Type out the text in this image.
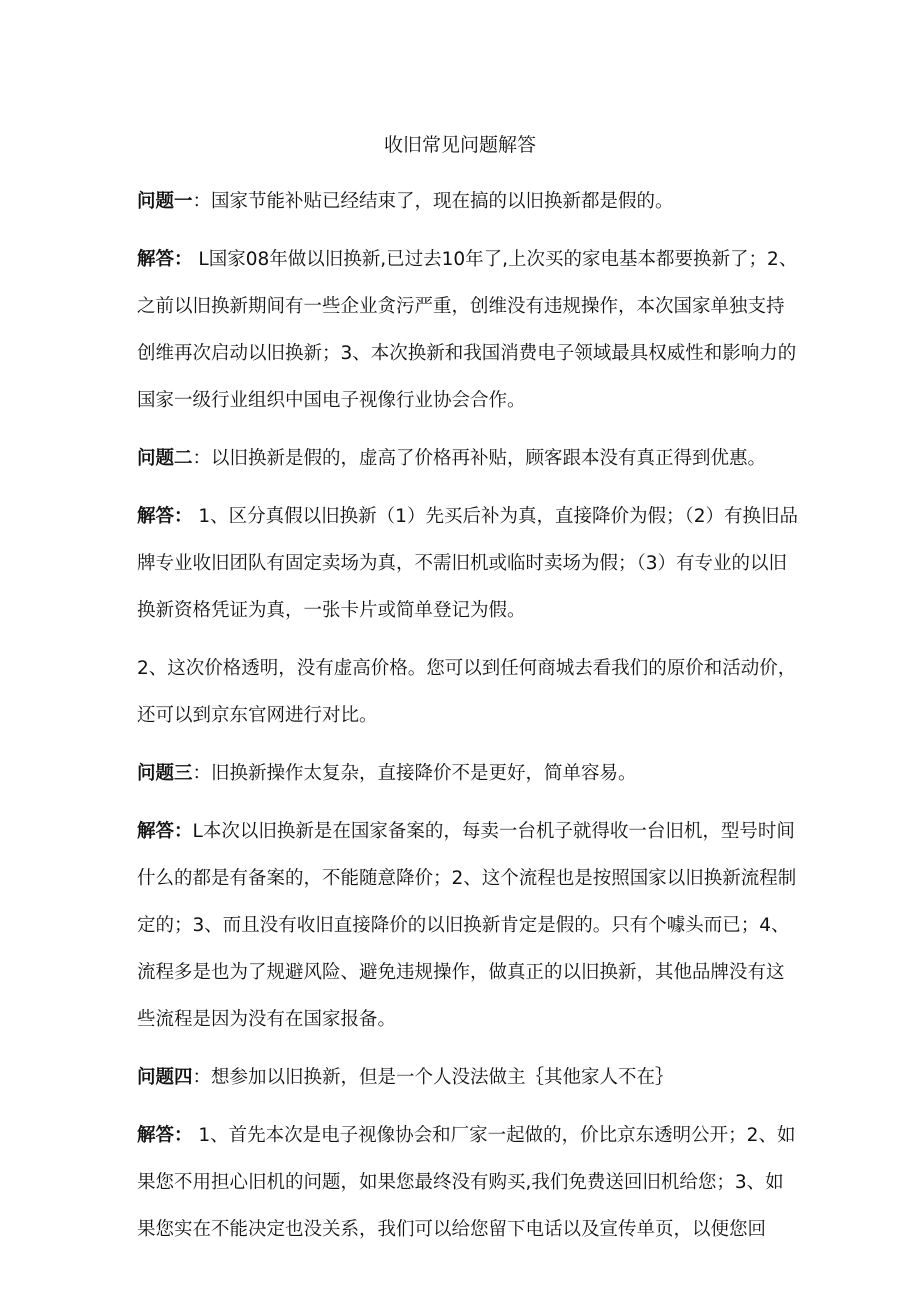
收旧常见问题解答

问题一：国家节能补贴已经结束了，现在搞的以旧换新都是假的。

解答： L国家08年做以旧换新,已过去10年了,上次买的家电基本都要换新了；2、之前以旧换新期间有一些企业贪污严重，创维没有违规操作，本次国家单独支持创维再次启动以旧换新；3、本次换新和我国消费电子领域最具权威性和影响力的国家一级行业组织中国电子视像行业协会合作。

问题二：以旧换新是假的，虚高了价格再补贴，顾客跟本没有真正得到优惠。

解答： 1、区分真假以旧换新（1）先买后补为真，直接降价为假；（2）有换旧品牌专业收旧团队有固定卖场为真，不需旧机或临时卖场为假；（3）有专业的以旧换新资格凭证为真，一张卡片或简单登记为假。

2、这次价格透明，没有虚高价格。您可以到任何商城去看我们的原价和活动价，还可以到京东官网进行对比。

问题三：旧换新操作太复杂，直接降价不是更好，简单容易。

解答：L本次以旧换新是在国家备案的，每卖一台机子就得收一台旧机，型号时间什么的都是有备案的，不能随意降价；2、这个流程也是按照国家以旧换新流程制定的；3、而且没有收旧直接降价的以旧换新肯定是假的。只有个噱头而已；4、流程多是也为了规避风险、避免违规操作，做真正的以旧换新，其他品牌没有这些流程是因为没有在国家报备。

问题四：想参加以旧换新，但是一个人没法做主｛其他家人不在｝

解答： 1、首先本次是电子视像协会和厂家一起做的，价比京东透明公开；2、如果您不用担心旧机的问题，如果您最终没有购买,我们免费送回旧机给您；3、如果您实在不能决定也没关系，我们可以给您留下电话以及宣传单页，以便您回
